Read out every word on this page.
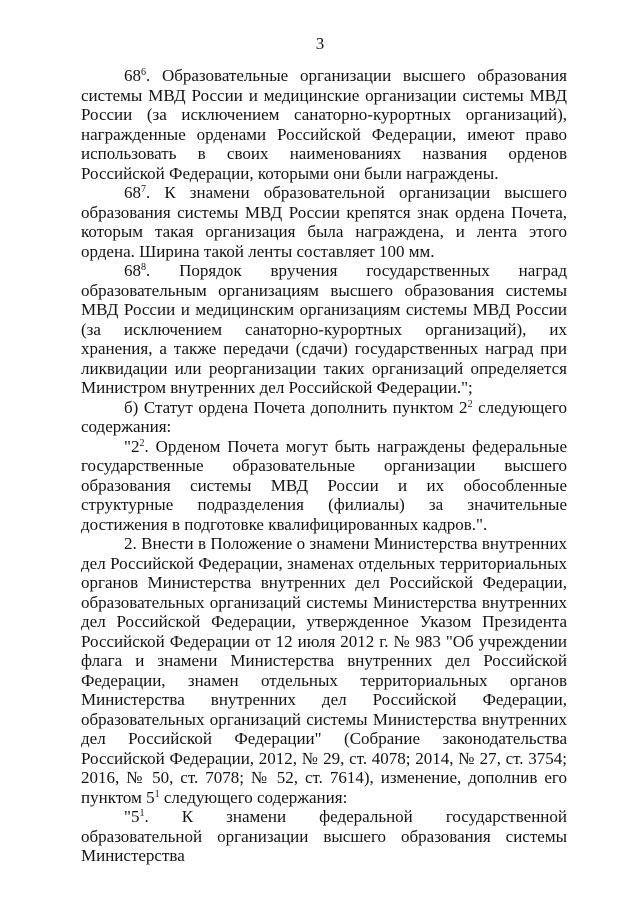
3

$68^6$. Образовательные организации высшего образования системы МВД России и медицинские организации системы МВД России (за исключением санаторно-курортных организаций), награжденные орденами Российской Федерации, имеют право использовать в своих наименованиях названия орденов Российской Федерации, которыми они были награждены.

$68^7$. К знамени образовательной организации высшего образования системы МВД России крепятся знак ордена Почета, которым такая организация была награждена, и лента этого ордена. Ширина такой ленты составляет 100 мм.

$68^8$. Порядок вручения государственных наград образовательным организациям высшего образования системы МВД России и медицинским организациям системы МВД России (за исключением санаторно-курортных организаций), их хранения, а также передачи (сдачи) государственных наград при ликвидации или реорганизации таких организаций определяется Министром внутренних дел Российской Федерации.";

б) Статут ордена Почета дополнить пунктом $2^2$ следующего содержания:

"$2^2$. Орденом Почета могут быть награждены федеральные государственные образовательные организации высшего образования системы МВД России и их обособленные структурные подразделения (филиалы) за значительные достижения в подготовке квалифицированных кадров.".

2. Внести в Положение о знамени Министерства внутренних дел Российской Федерации, знаменах отдельных территориальных органов Министерства внутренних дел Российской Федерации, образовательных организаций системы Министерства внутренних дел Российской Федерации, утвержденное Указом Президента Российской Федерации от 12 июля 2012 г. № 983 "Об учреждении флага и знамени Министерства внутренних дел Российской Федерации, знамен отдельных территориальных органов Министерства внутренних дел Российской Федерации, образовательных организаций системы Министерства внутренних дел Российской Федерации" (Собрание законодательства Российской Федерации, 2012, № 29, ст. 4078; 2014, № 27, ст. 3754; 2016, № 50, ст. 7078; № 52, ст. 7614), изменение, дополнив его пунктом $5^1$ следующего содержания:

"$5^1$. К знамени федеральной государственной образовательной организации высшего образования системы Министерства
